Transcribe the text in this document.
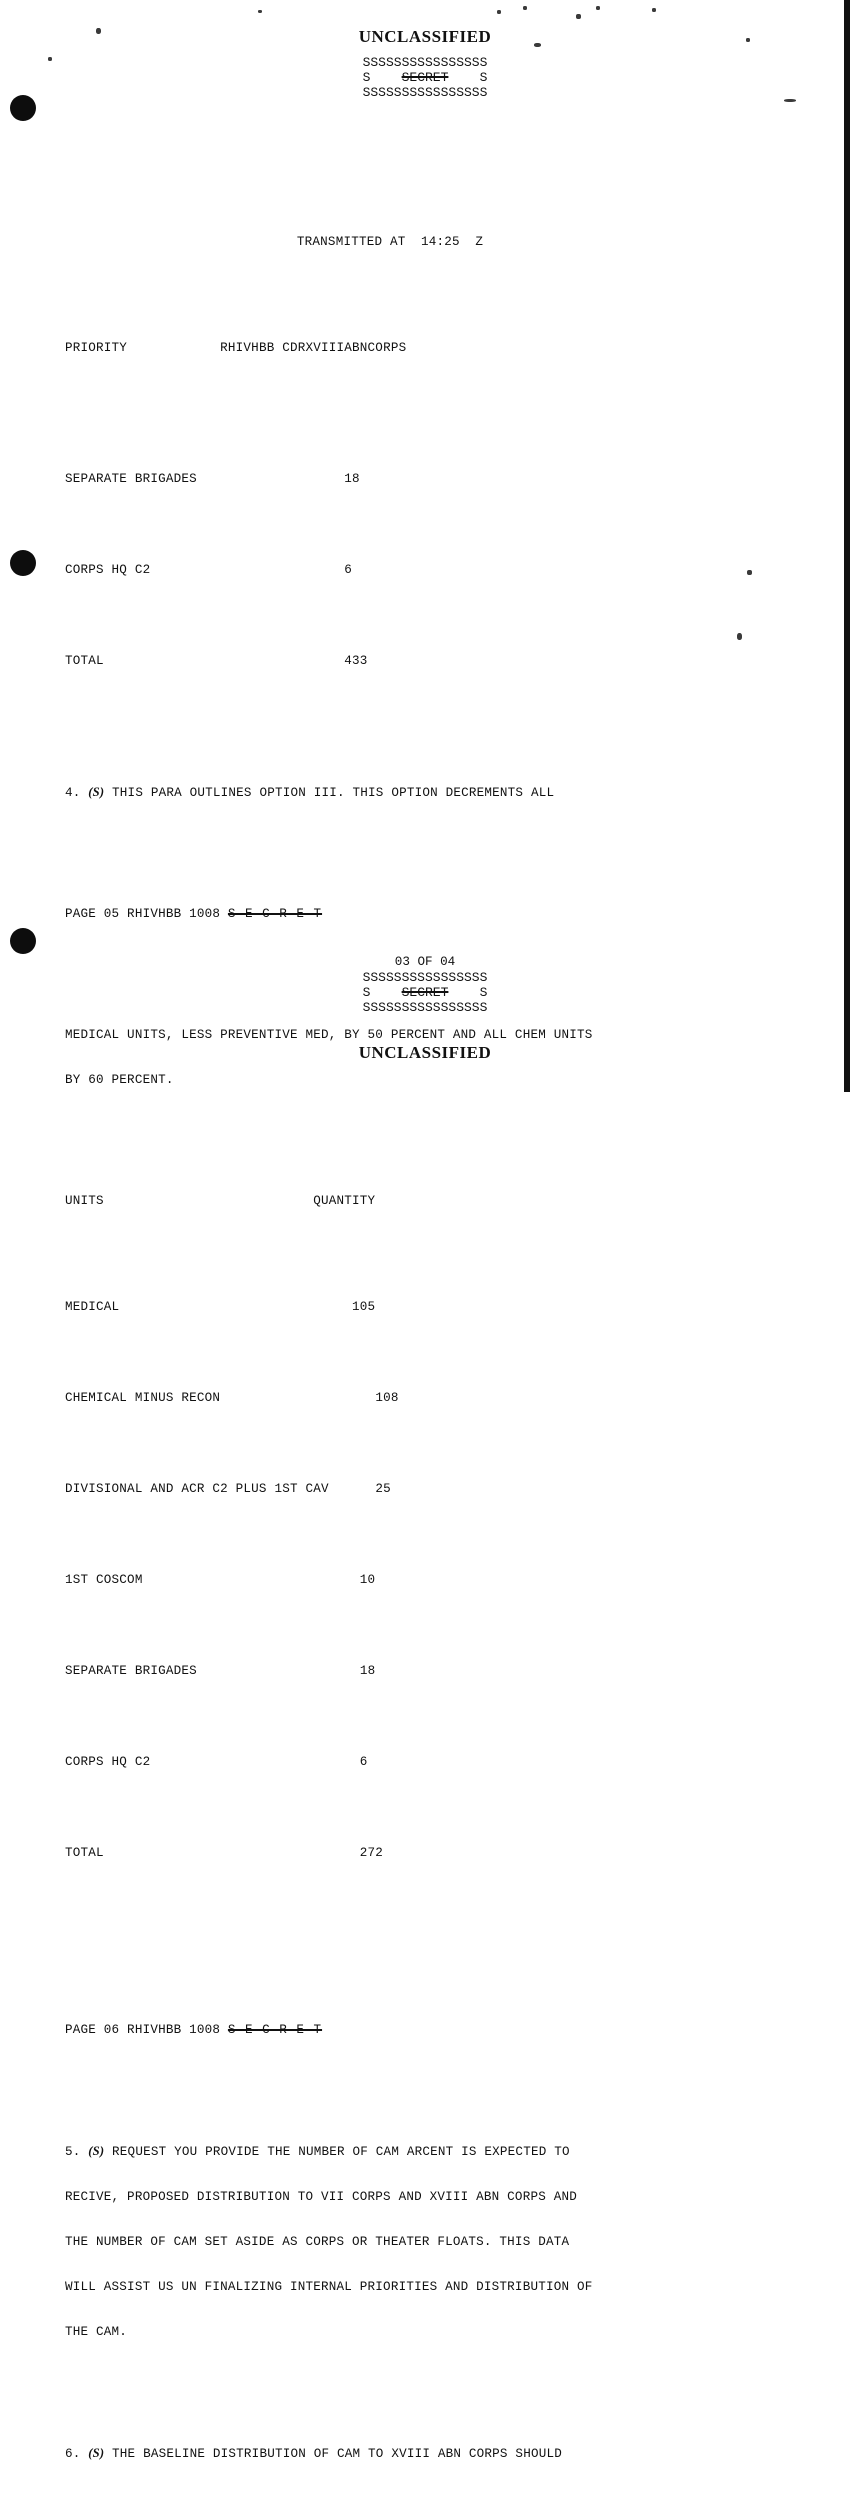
UNCLASSIFIED
SSSSSSSSSSSSSSSS
S SECRET S
SSSSSSSSSSSSSSSS

TRANSMITTED AT  14:25  Z

PRIORITY	RHIVHBB CDRXVIIIABNCORPS

SEPARATE BRIGADES	18

CORPS HQ C2	6

TOTAL	433

4. (S) THIS PARA OUTLINES OPTION III. THIS OPTION DECREMENTS ALL

PAGE 05 RHIVHBB 1008 S E C R E T

MEDICAL UNITS, LESS PREVENTIVE MED, BY 50 PERCENT AND ALL CHEM UNITS

BY 60 PERCENT.

UNITS	QUANTITY

MEDICAL	105

CHEMICAL MINUS RECON	108

DIVISIONAL AND ACR C2 PLUS 1ST CAV	25

1ST COSCOM	10

SEPARATE BRIGADES	18

CORPS HQ C2	6

TOTAL	272

PAGE 06 RHIVHBB 1008 S E C R E T

5. (S) REQUEST YOU PROVIDE THE NUMBER OF CAM ARCENT IS EXPECTED TO

RECIVE, PROPOSED DISTRIBUTION TO VII CORPS AND XVIII ABN CORPS AND

THE NUMBER OF CAM SET ASIDE AS CORPS OR THEATER FLOATS. THIS DATA

WILL ASSIST US UN FINALIZING INTERNAL PRIORITIES AND DISTRIBUTION OF

THE CAM.

6. (S) THE BASELINE DISTRIBUTION OF CAM TO XVIII ABN CORPS SHOULD

03 OF 04
SSSSSSSSSSSSSSSS
S SECRET S
SSSSSSSSSSSSSSSS
UNCLASSIFIED
